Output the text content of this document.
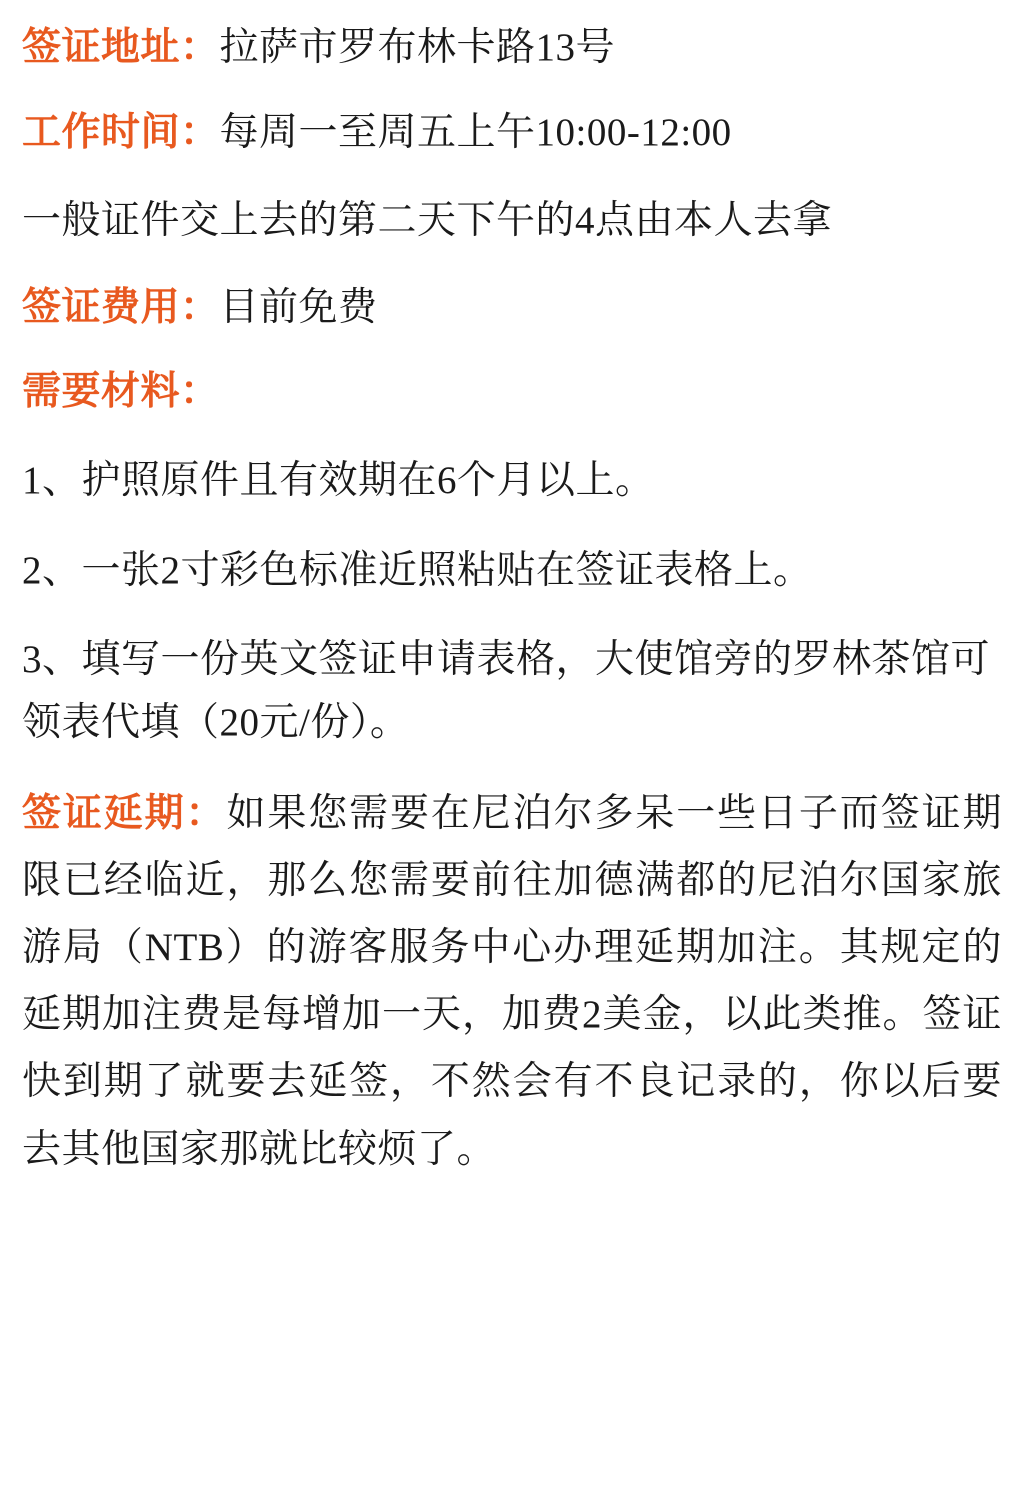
签证地址：拉萨市罗布林卡路13号

工作时间：每周一至周五上午10:00-12:00

一般证件交上去的第二天下午的4点由本人去拿

签证费用：目前免费

需要材料：

1、护照原件且有效期在6个月以上。

2、一张2寸彩色标准近照粘贴在签证表格上。

3、填写一份英文签证申请表格，大使馆旁的罗林茶馆可领表代填（20元/份）。

签证延期：如果您需要在尼泊尔多呆一些日子而签证期限已经临近，那么您需要前往加德满都的尼泊尔国家旅游局（NTB）的游客服务中心办理延期加注。其规定的延期加注费是每增加一天，加费2美金，以此类推。签证快到期了就要去延签，不然会有不良记录的，你以后要去其他国家那就比较烦了。
